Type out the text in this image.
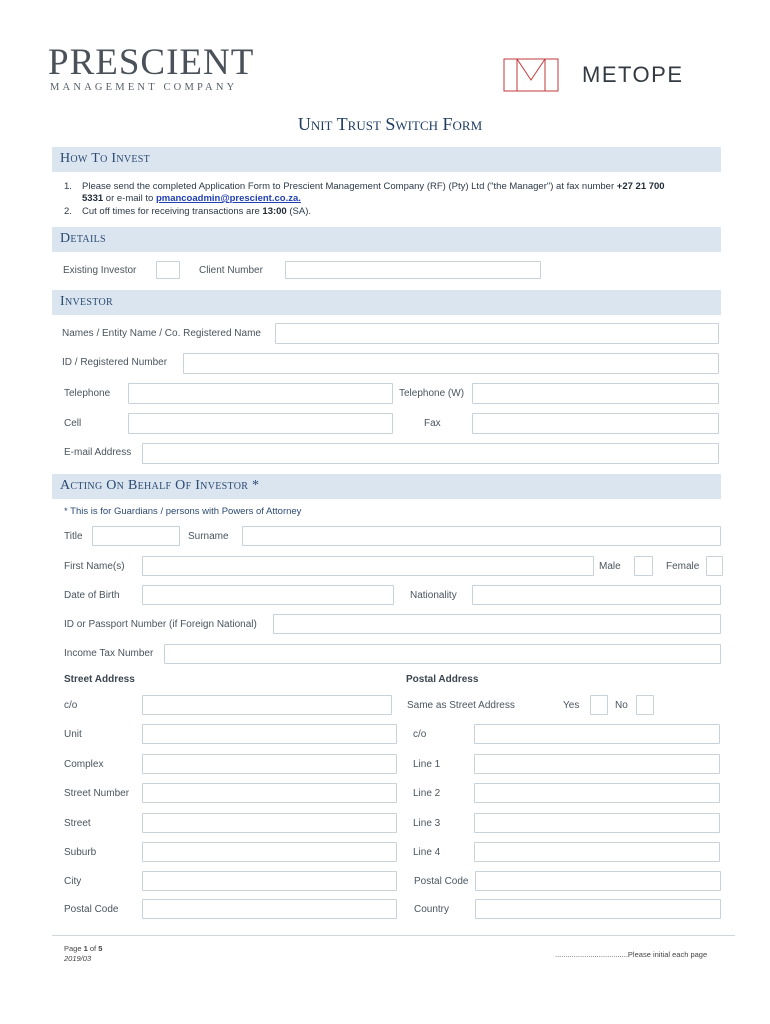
PRESCIENT
MANAGEMENT COMPANY
METOPE
Unit Trust Switch Form
How To Invest
1. Please send the completed Application Form to Prescient Management Company (RF) (Pty) Ltd ("the Manager") at fax number +27 21 700
5331 or e-mail to pmancoadmin@prescient.co.za.
2. Cut off times for receiving transactions are 13:00 (SA).
Details
Existing Investor	Client Number
Investor
Names / Entity Name / Co. Registered Name
ID / Registered Number
Telephone	Telephone (W)
Cell	Fax
E-mail Address
Acting On Behalf Of Investor *
* This is for Guardians / persons with Powers of Attorney
Title	Surname
First Name(s)	Male	Female
Date of Birth	Nationality
ID or Passport Number (if Foreign National)
Income Tax Number
Street Address	Postal Address
c/o	Same as Street Address	Yes	No
Unit	c/o
Complex	Line 1
Street Number	Line 2
Street	Line 3
Suburb	Line 4
City	Postal Code
Postal Code	Country
Page 1 of 5
2019/03	...................................Please initial each page
